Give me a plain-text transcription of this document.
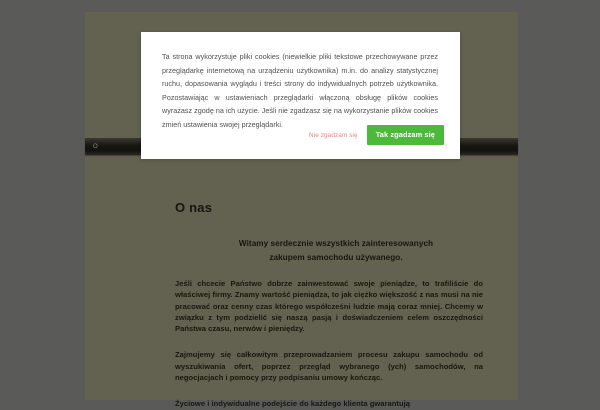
O
O nas
Witamy serdecznie wszystkich zainteresowanych
zakupem samochodu używanego.

Jeśli chcecie Państwo dobrze zainwestować swoje pieniądze, to trafiliście do właściwej firmy. Znamy wartość pieniądza, to jak ciężko większość z nas musi na nie pracować oraz cenny czas którego współcześni ludzie mają coraz mniej. Chcemy w związku z tym podzielić się naszą pasją i doświadczeniem celem oszczędności Państwa czasu, nerwów i pieniędzy.

Zajmujemy się całkowitym przeprowadzaniem procesu zakupu samochodu od wyszukiwania ofert, poprzez przegląd wybranego (ych) samochodów, na negocjacjach i pomocy przy podpisaniu umowy kończąc.

Życiowe i indywidualne podejście do każdego klienta gwarantują

Ta strona wykorzystuje pliki cookies (niewielkie pliki tekstowe przechowywane przez przeglądarkę internetową na urządzeniu użytkownika) m.in. do analizy statystycznej ruchu, dopasowania wyglądu i treści strony do indywidualnych potrzeb użytkownika. Pozostawiając w ustawieniach przeglądarki włączoną obsługę plików cookies wyrażasz zgodę na ich użycie. Jeśli nie zgadzasz się na wykorzystanie plików cookies zmień ustawienia swojej przeglądarki.

Nie zgadzam się	Tak zgadzam się
